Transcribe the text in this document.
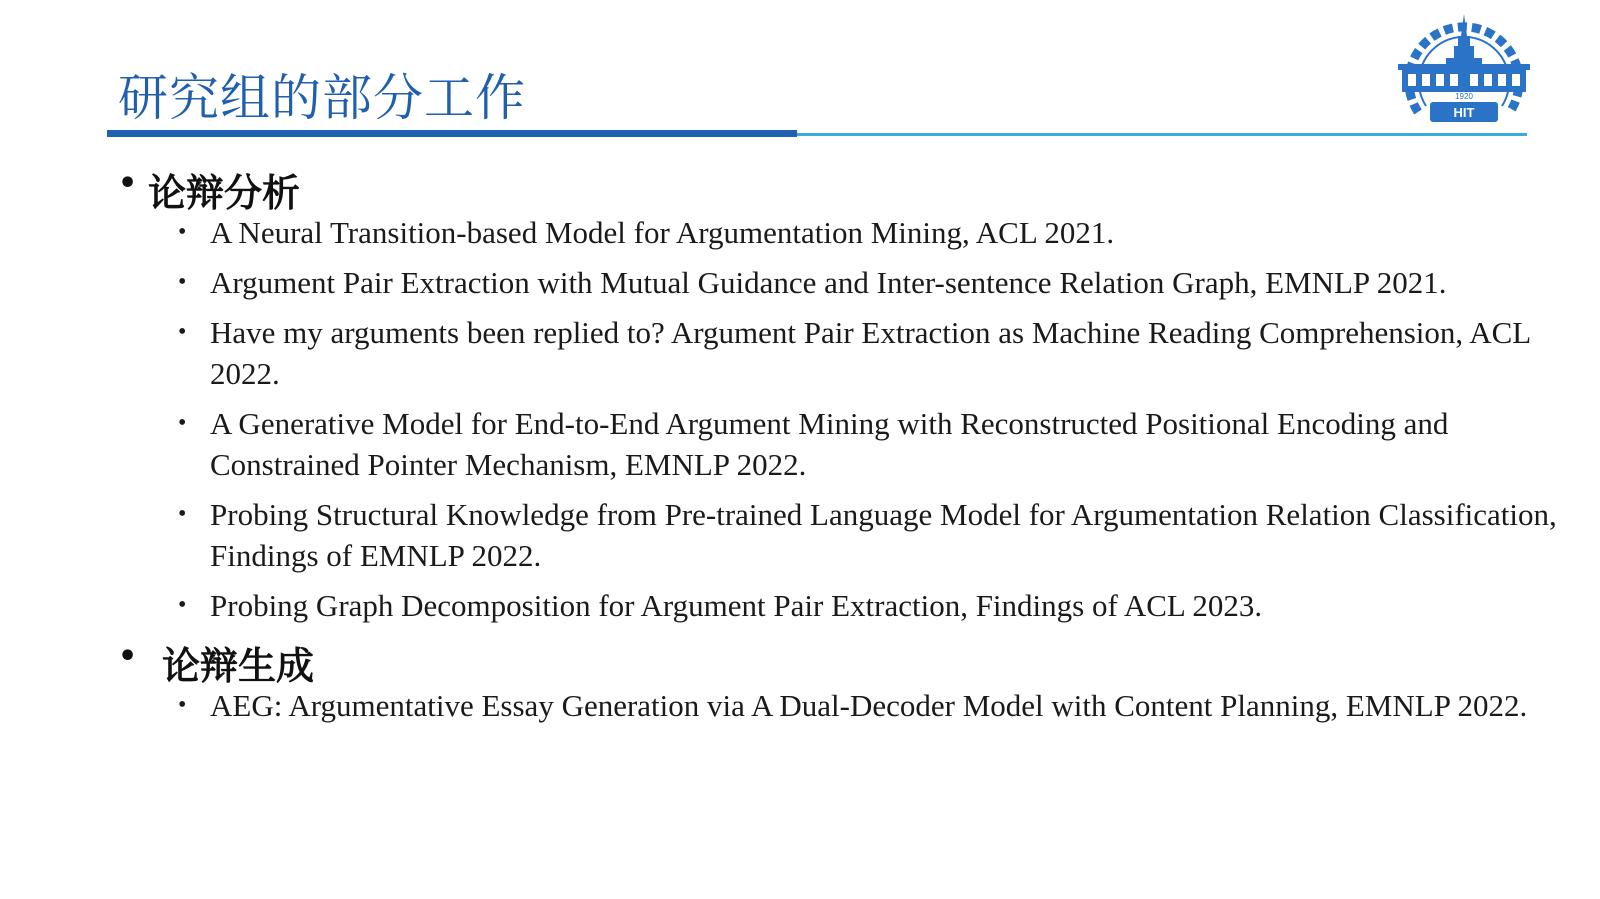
研究组的部分工作	1920
HIT
• 论辩分析
• A Neural Transition-based Model for Argumentation Mining, ACL 2021.
• Argument Pair Extraction with Mutual Guidance and Inter-sentence Relation Graph, EMNLP 2021.
• Have my arguments been replied to? Argument Pair Extraction as Machine Reading Comprehension, ACL 2022.
• A Generative Model for End-to-End Argument Mining with Reconstructed Positional Encoding and Constrained Pointer Mechanism, EMNLP 2022.
• Probing Structural Knowledge from Pre-trained Language Model for Argumentation Relation Classification, Findings of EMNLP 2022.
• Probing Graph Decomposition for Argument Pair Extraction, Findings of ACL 2023.
• 论辩生成
• AEG: Argumentative Essay Generation via A Dual-Decoder Model with Content Planning, EMNLP 2022.
